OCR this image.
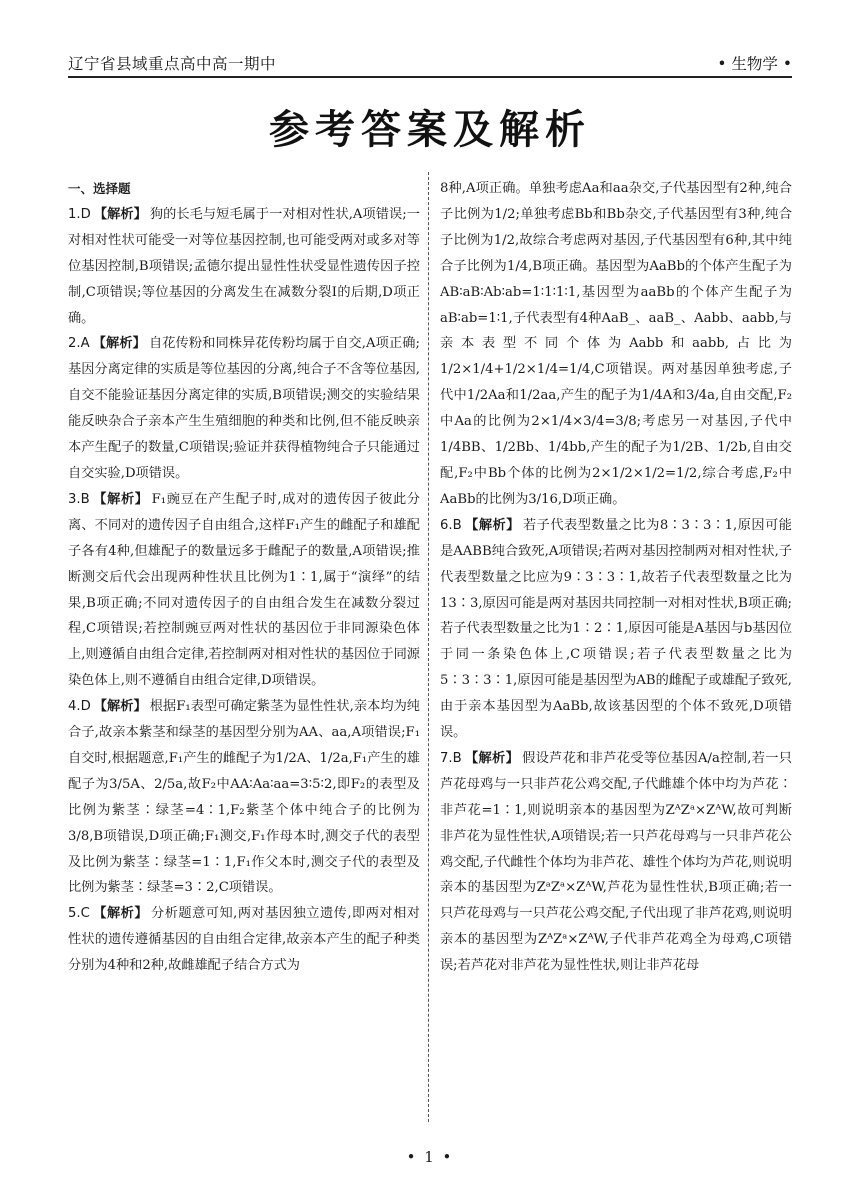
辽宁省县域重点高中高一期中	• 生物学 •
参考答案及解析
一、选择题
1.D 【解析】 狗的长毛与短毛属于一对相对性状,A项错误;一对相对性状可能受一对等位基因控制,也可能受两对或多对等位基因控制,B项错误;孟德尔提出显性性状受显性遗传因子控制,C项错误;等位基因的分离发生在减数分裂Ⅰ的后期,D项正确。
2.A 【解析】 自花传粉和同株异花传粉均属于自交,A项正确;基因分离定律的实质是等位基因的分离,纯合子不含等位基因,自交不能验证基因分离定律的实质,B项错误;测交的实验结果能反映杂合子亲本产生生殖细胞的种类和比例,但不能反映亲本产生配子的数量,C项错误;验证并获得植物纯合子只能通过自交实验,D项错误。
3.B 【解析】 F₁豌豆在产生配子时,成对的遗传因子彼此分离、不同对的遗传因子自由组合,这样F₁产生的雌配子和雄配子各有4种,但雄配子的数量远多于雌配子的数量,A项错误;推断测交后代会出现两种性状且比例为1∶1,属于“演绎”的结果,B项正确;不同对遗传因子的自由组合发生在减数分裂过程,C项错误;若控制豌豆两对性状的基因位于非同源染色体上,则遵循自由组合定律,若控制两对相对性状的基因位于同源染色体上,则不遵循自由组合定律,D项错误。
4.D 【解析】 根据F₁表型可确定紫茎为显性性状,亲本均为纯合子,故亲本紫茎和绿茎的基因型分别为AA、aa,A项错误;F₁自交时,根据题意,F₁产生的雌配子为1/2A、1/2a,F₁产生的雄配子为3/5A、2/5a,故F₂中AA∶Aa∶aa=3∶5∶2,即F₂的表型及比例为紫茎∶绿茎=4∶1,F₂紫茎个体中纯合子的比例为3/8,B项错误,D项正确;F₁测交,F₁作母本时,测交子代的表型及比例为紫茎∶绿茎=1∶1,F₁作父本时,测交子代的表型及比例为紫茎∶绿茎=3∶2,C项错误。
5.C 【解析】 分析题意可知,两对基因独立遗传,即两对相对性状的遗传遵循基因的自由组合定律,故亲本产生的配子种类分别为4种和2种,故雌雄配子结合方式为
8种,A项正确。单独考虑Aa和aa杂交,子代基因型有2种,纯合子比例为1/2;单独考虑Bb和Bb杂交,子代基因型有3种,纯合子比例为1/2,故综合考虑两对基因,子代基因型有6种,其中纯合子比例为1/4,B项正确。基因型为AaBb的个体产生配子为AB∶aB∶Ab∶ab=1∶1∶1∶1,基因型为aaBb的个体产生配子为aB∶ab=1∶1,子代表型有4种AaB_、aaB_、Aabb、aabb,与亲本表型不同个体为Aabb和aabb,占比为1/2×1/4+1/2×1/4=1/4,C项错误。两对基因单独考虑,子代中1/2Aa和1/2aa,产生的配子为1/4A和3/4a,自由交配,F₂中Aa的比例为2×1/4×3/4=3/8;考虑另一对基因,子代中1/4BB、1/2Bb、1/4bb,产生的配子为1/2B、1/2b,自由交配,F₂中Bb个体的比例为2×1/2×1/2=1/2,综合考虑,F₂中AaBb的比例为3/16,D项正确。
6.B 【解析】 若子代表型数量之比为8∶3∶3∶1,原因可能是AABB纯合致死,A项错误;若两对基因控制两对相对性状,子代表型数量之比应为9∶3∶3∶1,故若子代表型数量之比为13∶3,原因可能是两对基因共同控制一对相对性状,B项正确;若子代表型数量之比为1∶2∶1,原因可能是A基因与b基因位于同一条染色体上,C项错误;若子代表型数量之比为5∶3∶3∶1,原因可能是基因型为AB的雌配子或雄配子致死,由于亲本基因型为AaBb,故该基因型的个体不致死,D项错误。
7.B 【解析】 假设芦花和非芦花受等位基因A/a控制,若一只芦花母鸡与一只非芦花公鸡交配,子代雌雄个体中均为芦花∶非芦花=1∶1,则说明亲本的基因型为ZᴬZᵃ×ZᴬW,故可判断非芦花为显性性状,A项错误;若一只芦花母鸡与一只非芦花公鸡交配,子代雌性个体均为非芦花、雄性个体均为芦花,则说明亲本的基因型为ZᵃZᵃ×ZᴬW,芦花为显性性状,B项正确;若一只芦花母鸡与一只芦花公鸡交配,子代出现了非芦花鸡,则说明亲本的基因型为ZᴬZᵃ×ZᴬW,子代非芦花鸡全为母鸡,C项错误;若芦花对非芦花为显性性状,则让非芦花母
• 1 •
